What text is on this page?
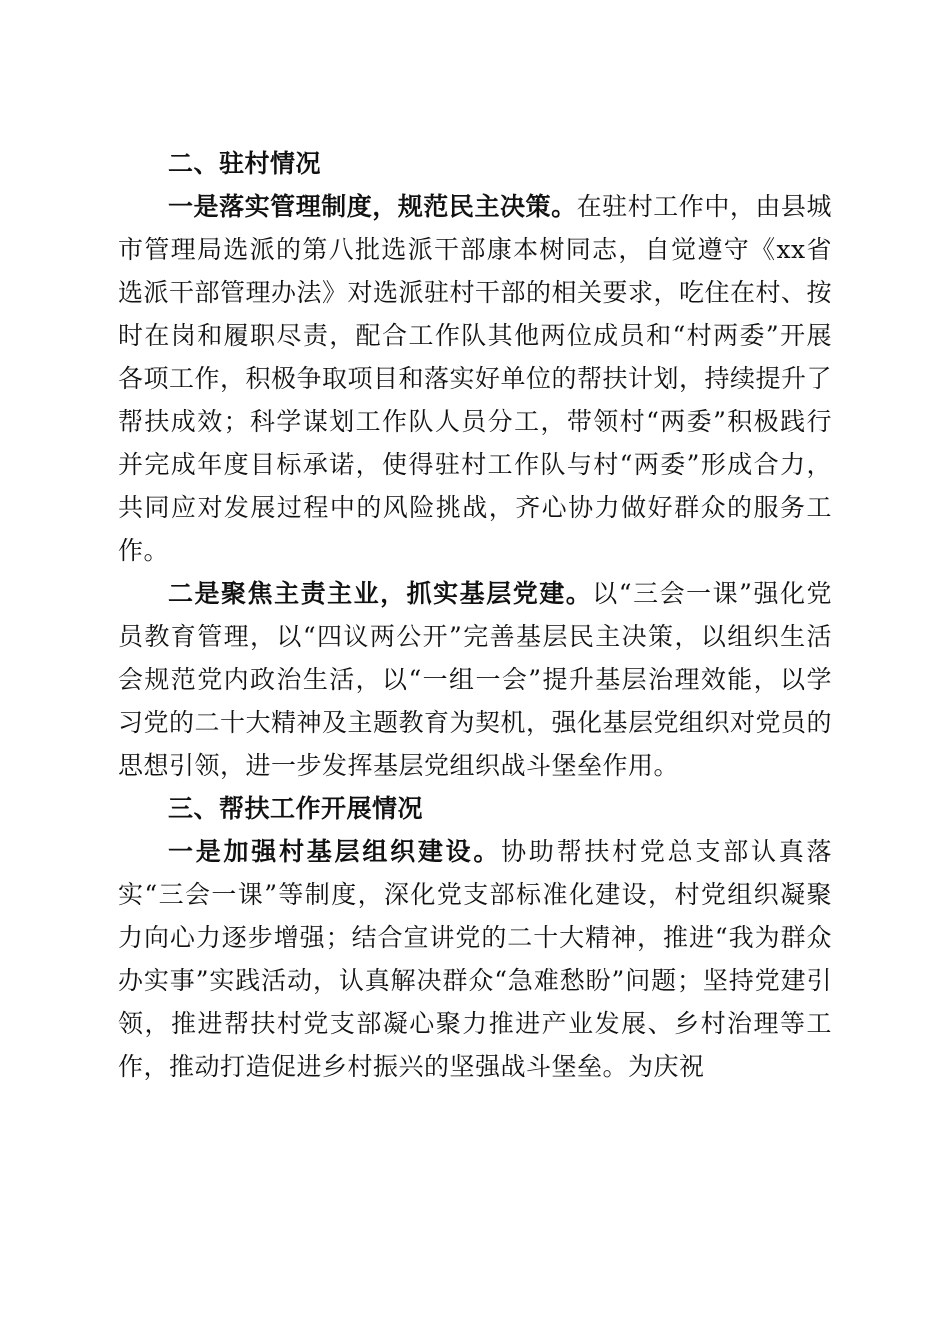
二、驻村情况

一是落实管理制度，规范民主决策。在驻村工作中，由县城市管理局选派的第八批选派干部康本树同志，自觉遵守《xx省选派干部管理办法》对选派驻村干部的相关要求，吃住在村、按时在岗和履职尽责，配合工作队其他两位成员和“村两委”开展各项工作，积极争取项目和落实好单位的帮扶计划，持续提升了帮扶成效；科学谋划工作队人员分工，带领村“两委”积极践行并完成年度目标承诺，使得驻村工作队与村“两委”形成合力，共同应对发展过程中的风险挑战，齐心协力做好群众的服务工作。

二是聚焦主责主业，抓实基层党建。以“三会一课”强化党员教育管理，以“四议两公开”完善基层民主决策，以组织生活会规范党内政治生活，以“一组一会”提升基层治理效能，以学习党的二十大精神及主题教育为契机，强化基层党组织对党员的思想引领，进一步发挥基层党组织战斗堡垒作用。

三、帮扶工作开展情况

一是加强村基层组织建设。协助帮扶村党总支部认真落实“三会一课”等制度，深化党支部标准化建设，村党组织凝聚力向心力逐步增强；结合宣讲党的二十大精神，推进“我为群众办实事”实践活动，认真解决群众“急难愁盼”问题；坚持党建引领，推进帮扶村党支部凝心聚力推进产业发展、乡村治理等工作，推动打造促进乡村振兴的坚强战斗堡垒。为庆祝
